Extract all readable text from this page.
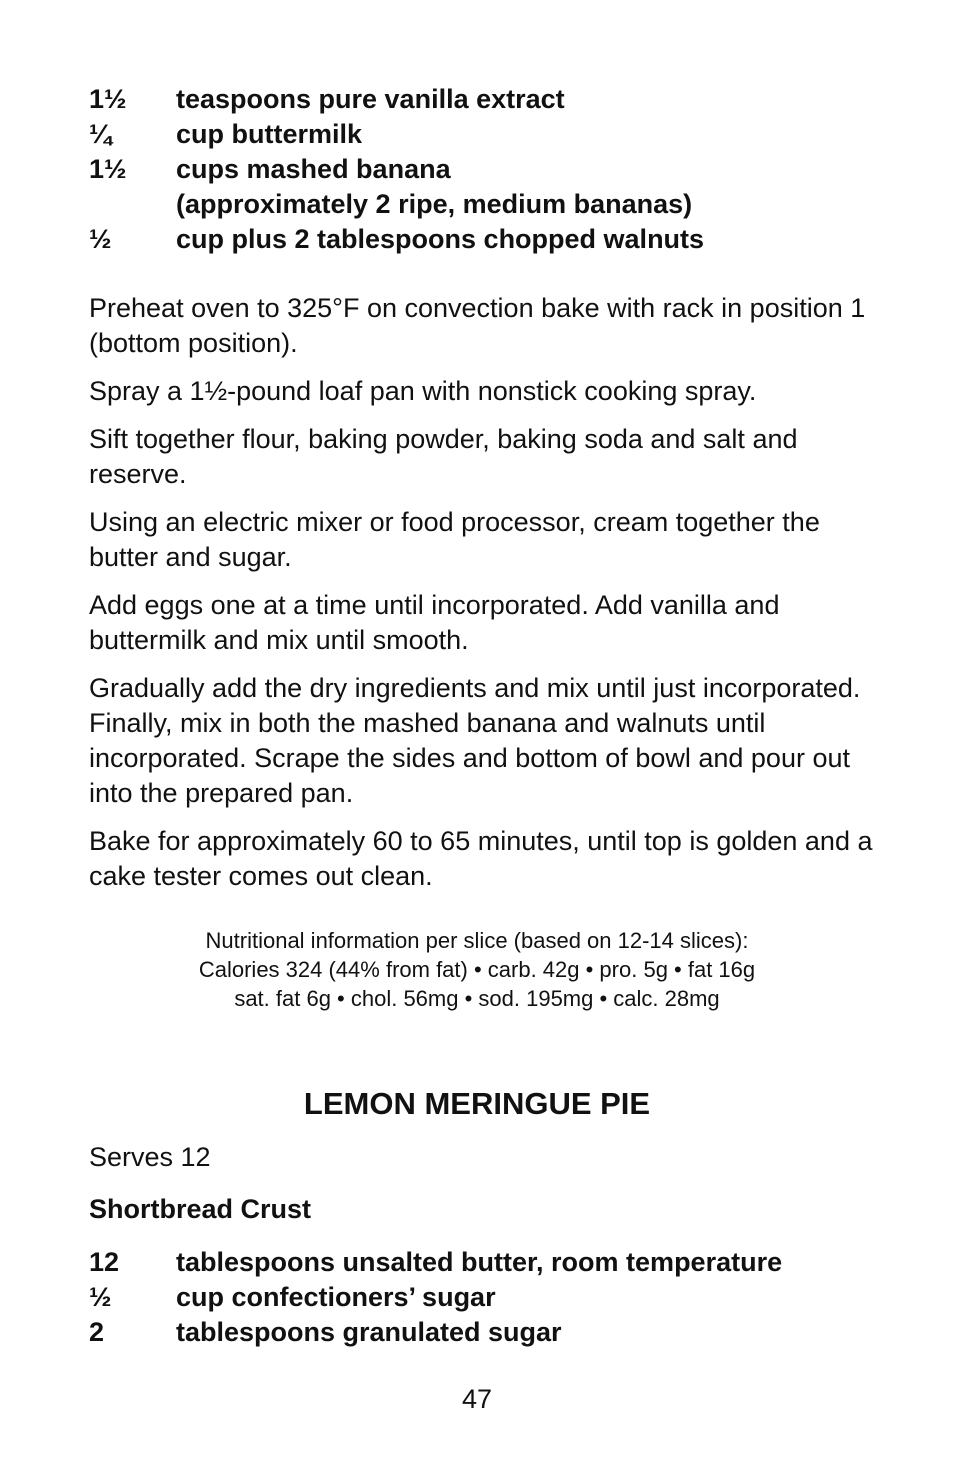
1½	teaspoons pure vanilla extract
¼	cup buttermilk
1½	cups mashed banana
(approximately 2 ripe, medium bananas)
½	cup plus 2 tablespoons chopped walnuts

Preheat oven to 325°F on convection bake with rack in position 1 (bottom position).

Spray a 1½-pound loaf pan with nonstick cooking spray.

Sift together flour, baking powder, baking soda and salt and reserve.

Using an electric mixer or food processor, cream together the butter and sugar.

Add eggs one at a time until incorporated. Add vanilla and buttermilk and mix until smooth.

Gradually add the dry ingredients and mix until just incorporated. Finally, mix in both the mashed banana and walnuts until incorporated. Scrape the sides and bottom of bowl and pour out into the prepared pan.

Bake for approximately 60 to 65 minutes, until top is golden and a cake tester comes out clean.

Nutritional information per slice (based on 12-14 slices):
Calories 324 (44% from fat) • carb. 42g • pro. 5g • fat 16g
sat. fat 6g • chol. 56mg • sod. 195mg • calc. 28mg
LEMON MERINGUE PIE

Serves 12

Shortbread Crust

12	tablespoons unsalted butter, room temperature
½	cup confectioners’ sugar
2	tablespoons granulated sugar
47
